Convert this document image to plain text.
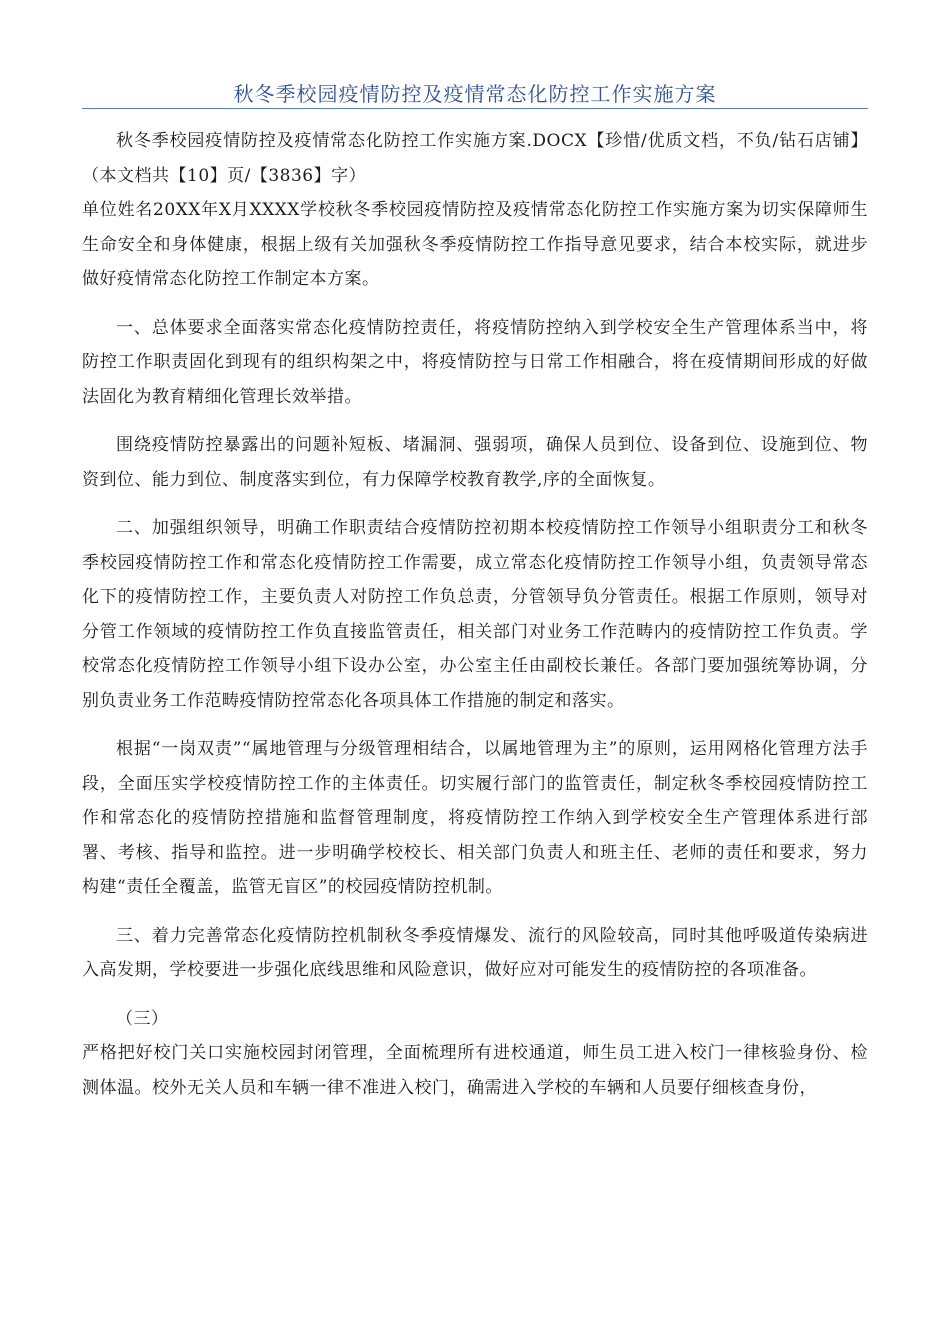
秋冬季校园疫情防控及疫情常态化防控工作实施方案

秋冬季校园疫情防控及疫情常态化防控工作实施方案.DOCX【珍惜/优质文档，不负/钻石店铺】（本文档共【10】页/【3836】字）

单位姓名20XX年X月XXXX学校秋冬季校园疫情防控及疫情常态化防控工作实施方案为切实保障师生生命安全和身体健康，根据上级有关加强秋冬季疫情防控工作指导意见要求，结合本校实际，就进步做好疫情常态化防控工作制定本方案。

一、总体要求全面落实常态化疫情防控责任，将疫情防控纳入到学校安全生产管理体系当中，将防控工作职责固化到现有的组织构架之中，将疫情防控与日常工作相融合，将在疫情期间形成的好做法固化为教育精细化管理长效举措。

围绕疫情防控暴露出的问题补短板、堵漏洞、强弱项，确保人员到位、设备到位、设施到位、物资到位、能力到位、制度落实到位，有力保障学校教育教学,序的全面恢复。

二、加强组织领导，明确工作职责结合疫情防控初期本校疫情防控工作领导小组职责分工和秋冬季校园疫情防控工作和常态化疫情防控工作需要，成立常态化疫情防控工作领导小组，负责领导常态化下的疫情防控工作，主要负责人对防控工作负总责，分管领导负分管责任。根据工作原则，领导对分管工作领域的疫情防控工作负直接监管责任，相关部门对业务工作范畴内的疫情防控工作负责。学校常态化疫情防控工作领导小组下设办公室，办公室主任由副校长兼任。各部门要加强统筹协调，分别负责业务工作范畴疫情防控常态化各项具体工作措施的制定和落实。

根据“一岗双责”“属地管理与分级管理相结合，以属地管理为主”的原则，运用网格化管理方法手段，全面压实学校疫情防控工作的主体责任。切实履行部门的监管责任，制定秋冬季校园疫情防控工作和常态化的疫情防控措施和监督管理制度，将疫情防控工作纳入到学校安全生产管理体系进行部署、考核、指导和监控。进一步明确学校校长、相关部门负责人和班主任、老师的责任和要求，努力构建“责任全覆盖，监管无盲区”的校园疫情防控机制。

三、着力完善常态化疫情防控机制秋冬季疫情爆发、流行的风险较高，同时其他呼吸道传染病进入高发期，学校要进一步强化底线思维和风险意识，做好应对可能发生的疫情防控的各项准备。

（三）

严格把好校门关口实施校园封闭管理，全面梳理所有进校通道，师生员工进入校门一律核验身份、检测体温。校外无关人员和车辆一律不准进入校门，确需进入学校的车辆和人员要仔细核查身份，
